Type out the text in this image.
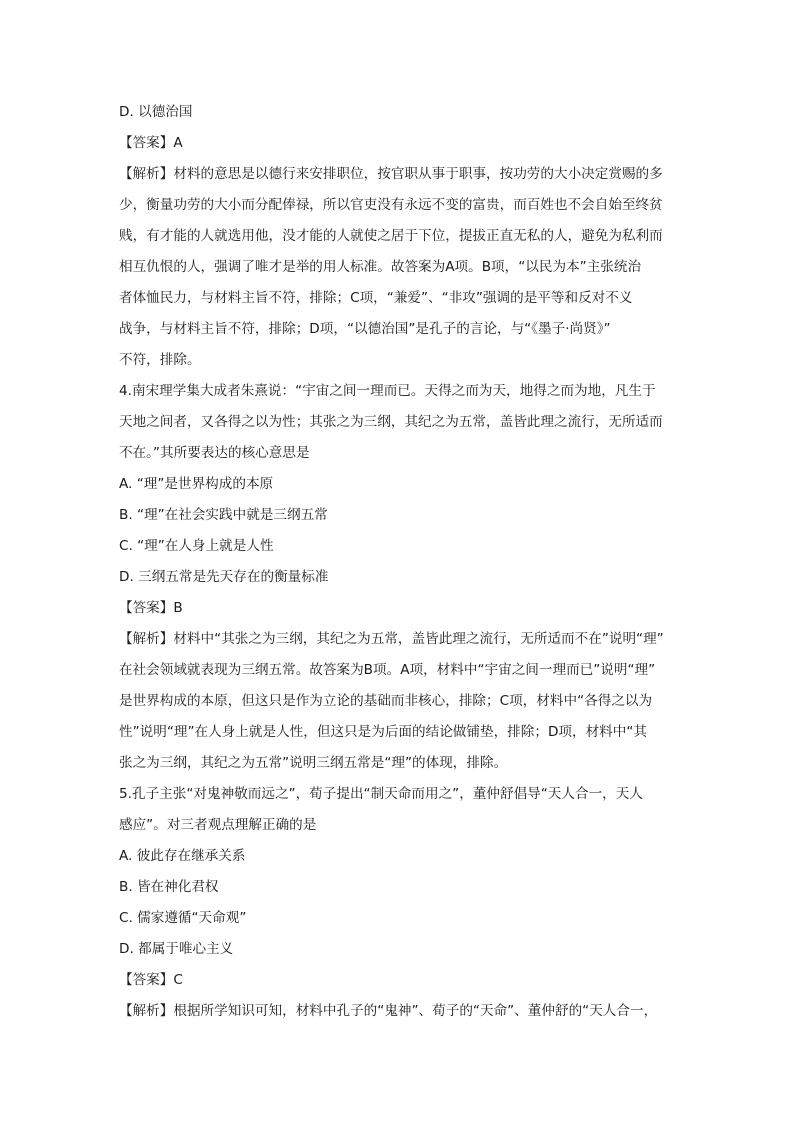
D. 以德治国
【答案】A
【解析】材料的意思是以德行来安排职位，按官职从事于职事，按功劳的大小决定赏赐的多
少，衡量功劳的大小而分配俸禄，所以官吏没有永远不变的富贵，而百姓也不会自始至终贫
贱，有才能的人就选用他，没才能的人就使之居于下位，提拔正直无私的人，避免为私利而
相互仇恨的人，强调了唯才是举的用人标准。故答案为A项。B项，“以民为本”主张统治
者体恤民力，与材料主旨不符，排除；C项，“兼爱”、“非攻”强调的是平等和反对不义
战争，与材料主旨不符，排除；D项，“以德治国”是孔子的言论，与“《墨子·尚贤》”
不符，排除。
4.南宋理学集大成者朱熹说：“宇宙之间一理而已。天得之而为天，地得之而为地，凡生于
天地之间者，又各得之以为性；其张之为三纲，其纪之为五常，盖皆此理之流行，无所适而
不在。”其所要表达的核心意思是
A. “理”是世界构成的本原
B. “理”在社会实践中就是三纲五常
C. “理”在人身上就是人性
D. 三纲五常是先天存在的衡量标准
【答案】B
【解析】材料中“其张之为三纲，其纪之为五常，盖皆此理之流行，无所适而不在”说明“理”
在社会领域就表现为三纲五常。故答案为B项。A项，材料中“宇宙之间一理而已”说明“理”
是世界构成的本原，但这只是作为立论的基础而非核心，排除；C项，材料中“各得之以为
性”说明“理”在人身上就是人性，但这只是为后面的结论做铺垫，排除；D项，材料中“其
张之为三纲，其纪之为五常”说明三纲五常是“理”的体现，排除。
5.孔子主张“对鬼神敬而远之”，荀子提出“制天命而用之”，董仲舒倡导“天人合一，天人
感应”。对三者观点理解正确的是
A. 彼此存在继承关系
B. 皆在神化君权
C. 儒家遵循“天命观”
D. 都属于唯心主义
【答案】C
【解析】根据所学知识可知，材料中孔子的“鬼神”、荀子的“天命”、董仲舒的“天人合一，
